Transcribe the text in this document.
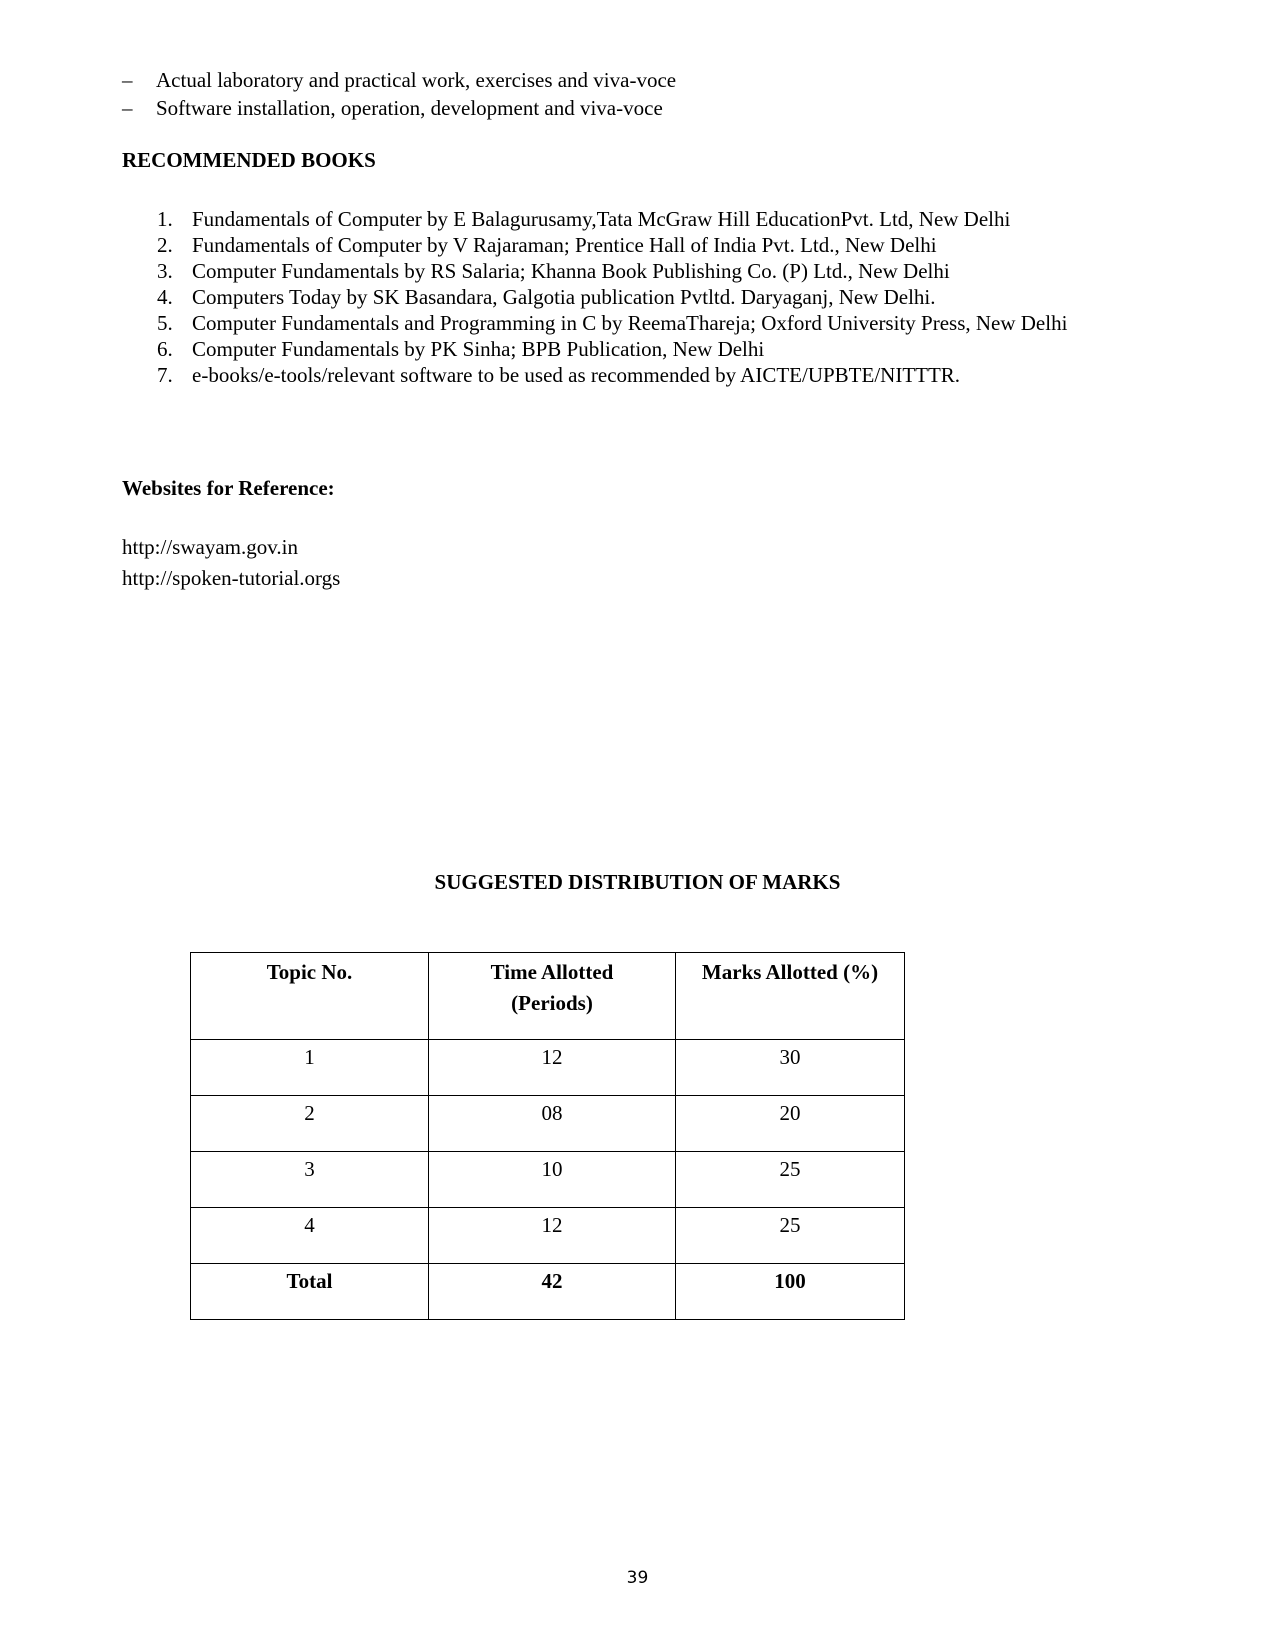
– Actual laboratory and practical work, exercises and viva-voce
– Software installation, operation, development and viva-voce
RECOMMENDED BOOKS
1. Fundamentals of Computer by E Balagurusamy,Tata McGraw Hill EducationPvt. Ltd, New Delhi
2. Fundamentals of Computer by V Rajaraman; Prentice Hall of India Pvt. Ltd., New Delhi
3. Computer Fundamentals by RS Salaria; Khanna Book Publishing Co. (P) Ltd., New Delhi
4. Computers Today by SK Basandara, Galgotia publication Pvtltd. Daryaganj, New Delhi.
5. Computer Fundamentals and Programming in C by ReemaThareja; Oxford University Press, New Delhi
6. Computer Fundamentals by PK Sinha; BPB Publication, New Delhi
7. e-books/e-tools/relevant software to be used as recommended by AICTE/UPBTE/NITTTR.
Websites for Reference:
http://swayam.gov.in
http://spoken-tutorial.orgs
SUGGESTED DISTRIBUTION OF MARKS
Topic No.	Time Allotted (Periods)	Marks Allotted (%)
1	12	30
2	08	20
3	10	25
4	12	25
Total	42	100
39
